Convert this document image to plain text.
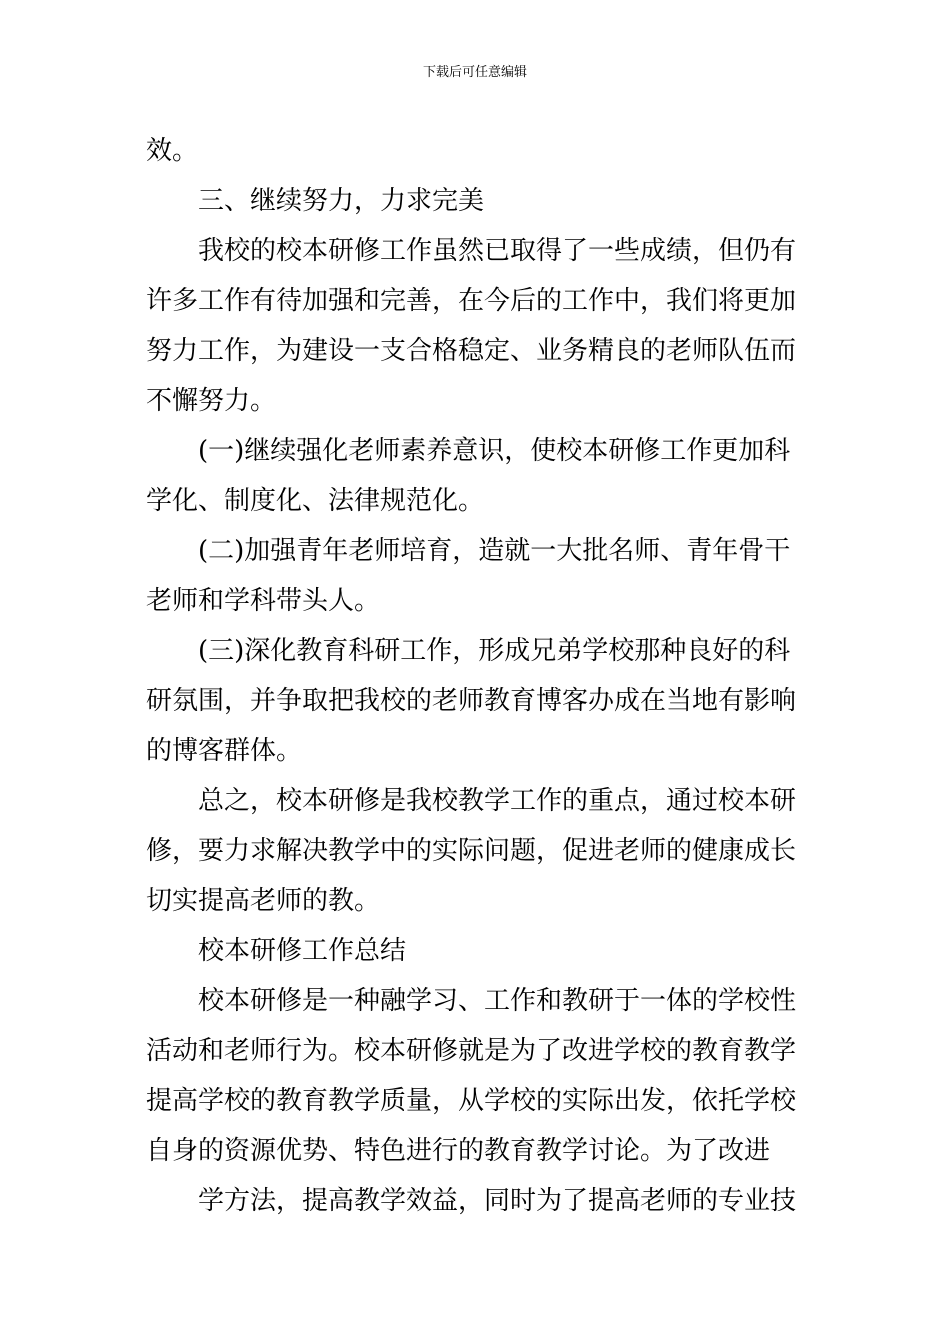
下载后可任意编辑
效。
三、继续努力，力求完美
我校的校本研修工作虽然已取得了一些成绩，但仍有
许多工作有待加强和完善，在今后的工作中，我们将更加
努力工作，为建设一支合格稳定、业务精良的老师队伍而
不懈努力。
(一)继续强化老师素养意识，使校本研修工作更加科
学化、制度化、法律规范化。
(二)加强青年老师培育，造就一大批名师、青年骨干
老师和学科带头人。
(三)深化教育科研工作，形成兄弟学校那种良好的科
研氛围，并争取把我校的老师教育博客办成在当地有影响
的博客群体。
总之，校本研修是我校教学工作的重点，通过校本研
修，要力求解决教学中的实际问题，促进老师的健康成长
切实提高老师的教。
校本研修工作总结
校本研修是一种融学习、工作和教研于一体的学校性
活动和老师行为。校本研修就是为了改进学校的教育教学
提高学校的教育教学质量，从学校的实际出发，依托学校
自身的资源优势、特色进行的教育教学讨论。为了改进
学方法，提高教学效益，同时为了提高老师的专业技
